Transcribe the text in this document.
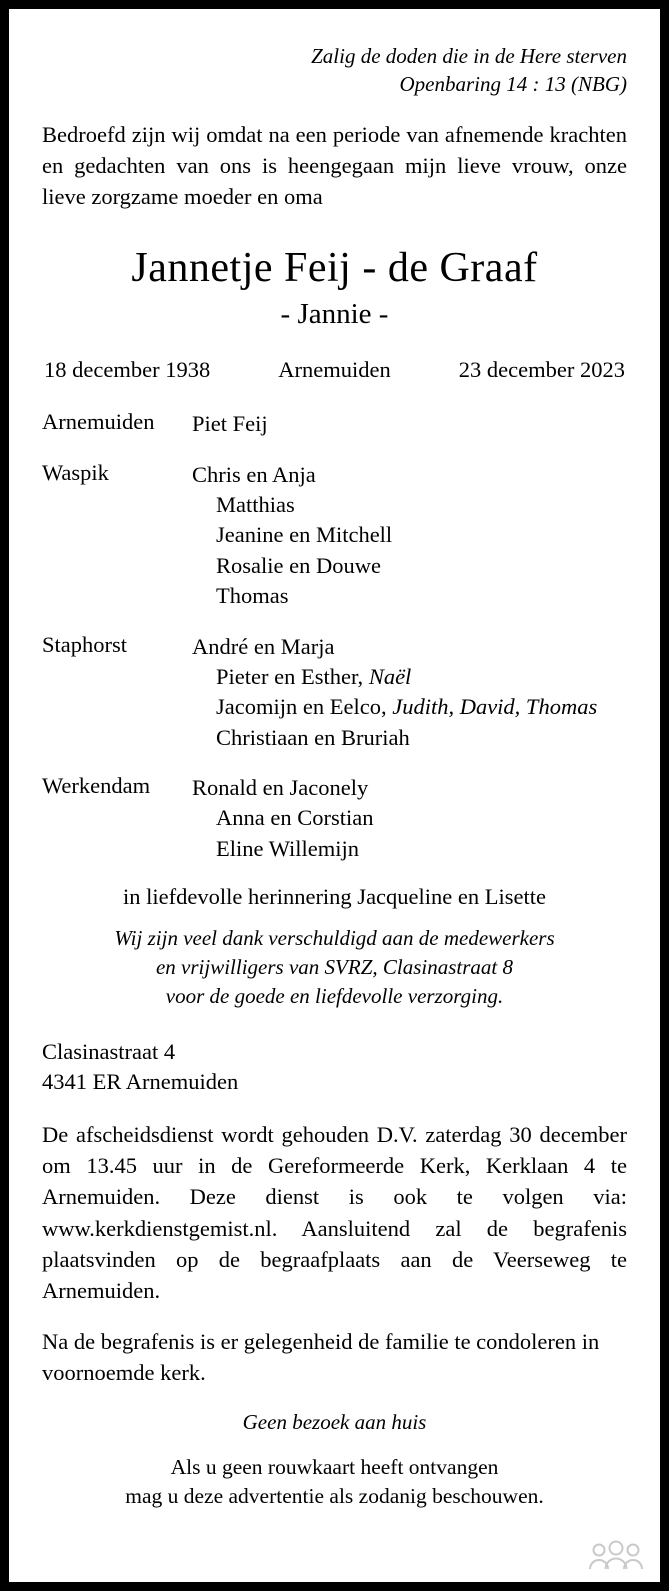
Zalig de doden die in de Here sterven
Openbaring 14 : 13 (NBG)
Bedroefd zijn wij omdat na een periode van afnemende krachten en gedachten van ons is heengegaan mijn lieve vrouw, onze lieve zorgzame moeder en oma
Jannetje Feij - de Graaf
- Jannie -
18 december 1938	Arnemuiden	23 december 2023
Arnemuiden	Piet Feij
Waspik	Chris en Anja
Matthias
Jeanine en Mitchell
Rosalie en Douwe
Thomas
Staphorst	André en Marja
Pieter en Esther, Naël
Jacomijn en Eelco, Judith, David, Thomas
Christiaan en Bruriah
Werkendam	Ronald en Jaconely
Anna en Corstian
Eline Willemijn
in liefdevolle herinnering Jacqueline en Lisette
Wij zijn veel dank verschuldigd aan de medewerkers
en vrijwilligers van SVRZ, Clasinastraat 8
voor de goede en liefdevolle verzorging.
Clasinastraat 4
4341 ER Arnemuiden
De afscheidsdienst wordt gehouden D.V. zaterdag 30 december om 13.45 uur in de Gereformeerde Kerk, Kerklaan 4 te Arnemuiden. Deze dienst is ook te volgen via: www.kerkdienstgemist.nl. Aansluitend zal de begrafenis plaatsvinden op de begraafplaats aan de Veerseweg te Arnemuiden.
Na de begrafenis is er gelegenheid de familie te condoleren in voornoemde kerk.
Geen bezoek aan huis
Als u geen rouwkaart heeft ontvangen
mag u deze advertentie als zodanig beschouwen.
